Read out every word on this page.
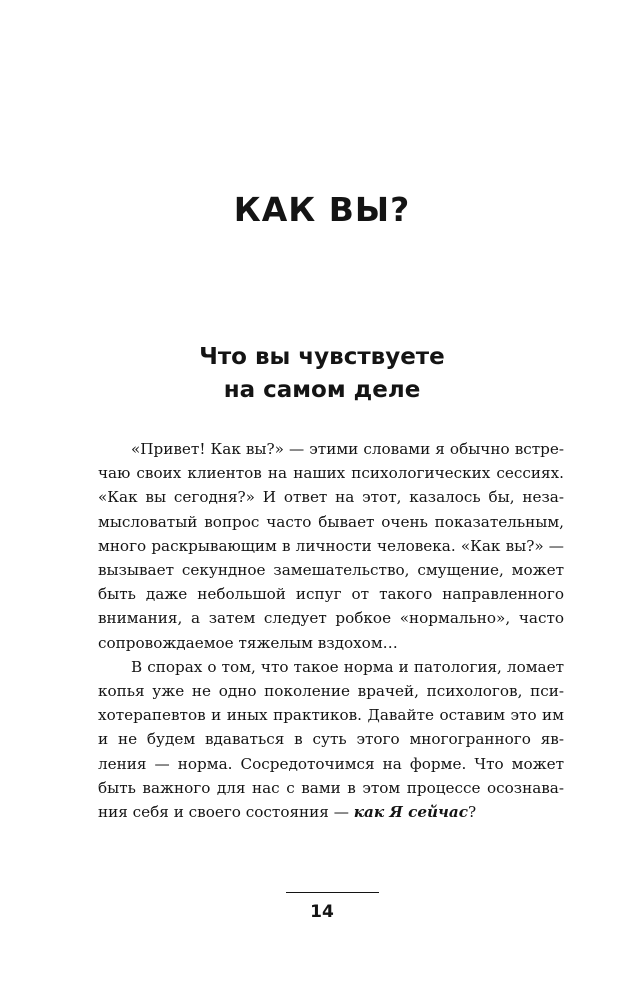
КАК ВЫ?
Что вы чувствуете
на самом деле

«Привет! Как вы?» — этими словами я обычно встречаю своих клиентов на наших психологических сессиях. «Как вы сегодня?» И ответ на этот, казалось бы, незамысловатый вопрос часто бывает очень показательным, много раскрывающим в личности человека. «Как вы?» — вызывает секундное замешательство, смущение, может быть даже небольшой испуг от такого направленного внимания, а затем следует робкое «нормально», часто сопровождаемое тяжелым вздохом…

В спорах о том, что такое норма и патология, ломает копья уже не одно поколение врачей, психологов, психотерапевтов и иных практиков. Давайте оставим это им и не будем вдаваться в суть этого многогранного явления — норма. Сосредоточимся на форме. Что может быть важного для нас с вами в этом процессе осознавания себя и своего состояния — как Я сейчас?

14
